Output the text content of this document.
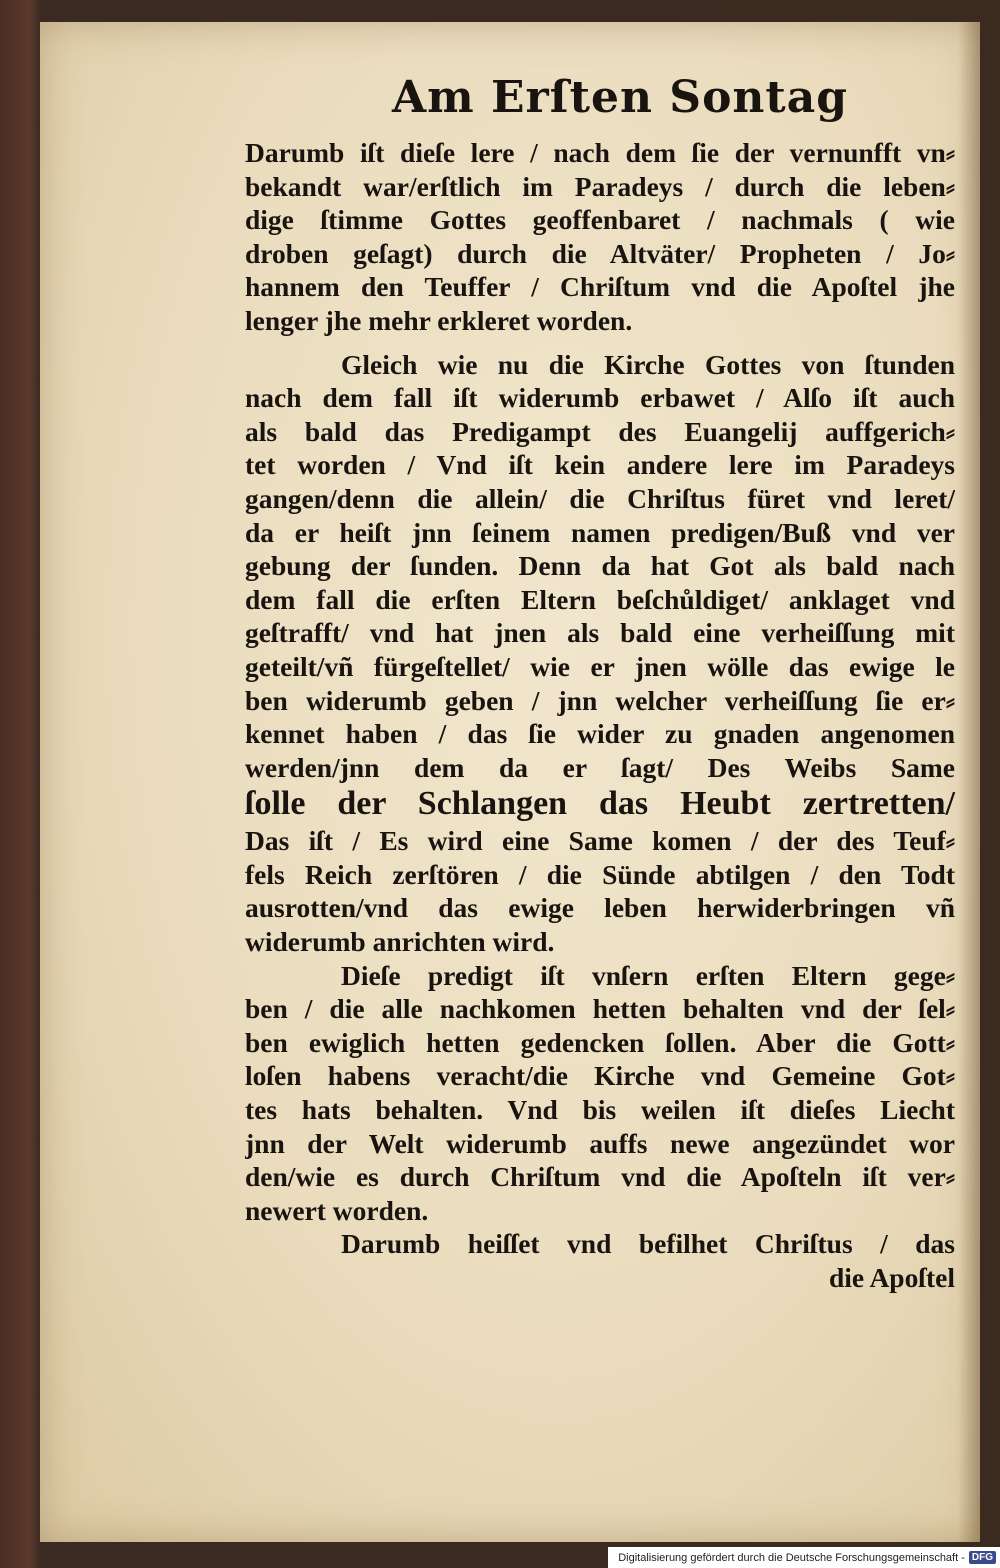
Am Erſten Sontag
Darumb iſt dieſe lere / nach dem ſie der vernunfft vn⸗
bekandt war/erſtlich im Paradeys / durch die leben⸗
dige ſtimme Gottes geoffenbaret / nachmals ( wie
droben geſagt) durch die Altväter/ Propheten / Jo⸗
hannem den Teuffer / Chriſtum vnd die Apoſtel jhe
lenger jhe mehr erkleret worden.
Gleich wie nu die Kirche Gottes von ſtunden
nach dem fall iſt widerumb erbawet / Alſo iſt auch
als bald das Predigampt des Euangelij auffgerich⸗
tet worden / Vnd iſt kein andere lere im Paradeys
gangen/denn die allein/ die Chriſtus füret vnd leret/
da er heiſt jnn ſeinem namen predigen/Buß vnd ver
gebung der ſunden. Denn da hat Got als bald nach
dem fall die erſten Eltern beſchůldiget/ anklaget vnd
geſtrafft/ vnd hat jnen als bald eine verheiſſung mit
geteilt/vñ fürgeſtellet/ wie er jnen wölle das ewige le
ben widerumb geben / jnn welcher verheiſſung ſie er⸗
kennet haben / das ſie wider zu gnaden angenomen
werden/jnn dem da er ſagt/ Des Weibs Same
ſolle der Schlangen das Heubt zertretten/
Das iſt / Es wird eine Same komen / der des Teuf⸗
fels Reich zerſtören / die Sünde abtilgen / den Todt
ausrotten/vnd das ewige leben herwiderbringen vñ
widerumb anrichten wird.
Dieſe predigt iſt vnſern erſten Eltern gege⸗
ben / die alle nachkomen hetten behalten vnd der ſel⸗
ben ewiglich hetten gedencken ſollen. Aber die Gott⸗
loſen habens veracht/die Kirche vnd Gemeine Got⸗
tes hats behalten. Vnd bis weilen iſt dieſes Liecht
jnn der Welt widerumb auffs newe angezündet wor
den/wie es durch Chriſtum vnd die Apoſteln iſt ver⸗
newert worden.
Darumb heiſſet vnd befilhet Chriſtus / das
die Apoſtel
Digitalisierung gefördert durch die Deutsche Forschungsgemeinschaft - DFG
